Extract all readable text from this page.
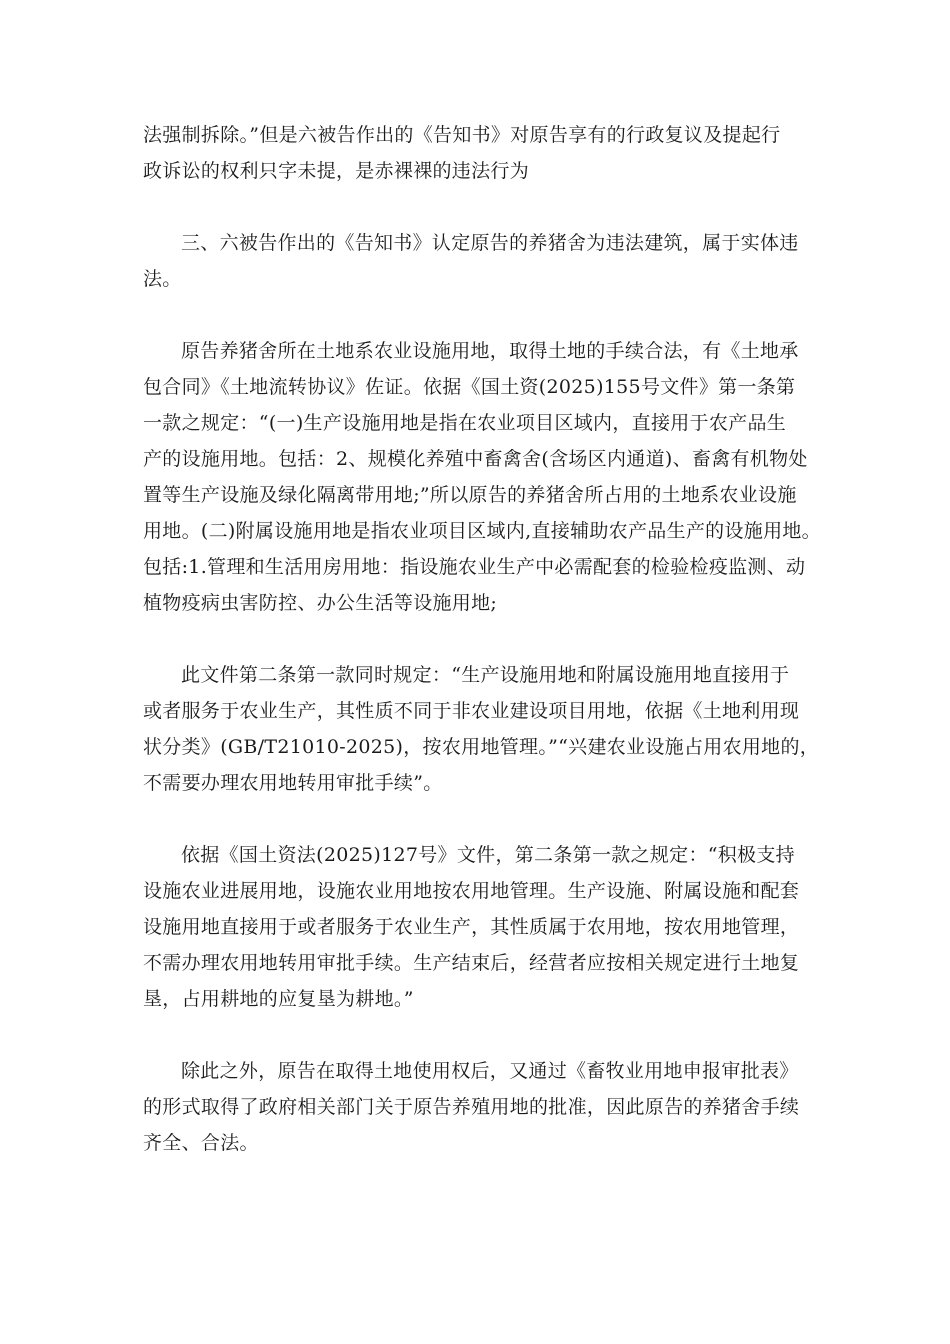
法强制拆除。”但是六被告作出的《告知书》对原告享有的行政复议及提起行
政诉讼的权利只字未提，是赤裸裸的违法行为
三、六被告作出的《告知书》认定原告的养猪舍为违法建筑，属于实体违
法。
原告养猪舍所在土地系农业设施用地，取得土地的手续合法，有《土地承
包合同》《土地流转协议》佐证。依据《国土资(2025)155号文件》第一条第
一款之规定：“(一)生产设施用地是指在农业项目区域内，直接用于农产品生
产的设施用地。包括：2、规模化养殖中畜禽舍(含场区内通道)、畜禽有机物处
置等生产设施及绿化隔离带用地;”所以原告的养猪舍所占用的土地系农业设施
用地。(二)附属设施用地是指农业项目区域内,直接辅助农产品生产的设施用地。
包括:1.管理和生活用房用地：指设施农业生产中必需配套的检验检疫监测、动
植物疫病虫害防控、办公生活等设施用地;
此文件第二条第一款同时规定：“生产设施用地和附属设施用地直接用于
或者服务于农业生产，其性质不同于非农业建设项目用地，依据《土地利用现
状分类》(GB/T21010-2025)，按农用地管理。”“兴建农业设施占用农用地的，
不需要办理农用地转用审批手续”。
依据《国土资法(2025)127号》文件，第二条第一款之规定：“积极支持
设施农业进展用地，设施农业用地按农用地管理。生产设施、附属设施和配套
设施用地直接用于或者服务于农业生产，其性质属于农用地，按农用地管理，
不需办理农用地转用审批手续。生产结束后，经营者应按相关规定进行土地复
垦，占用耕地的应复垦为耕地。”
除此之外，原告在取得土地使用权后，又通过《畜牧业用地申报审批表》
的形式取得了政府相关部门关于原告养殖用地的批准，因此原告的养猪舍手续
齐全、合法。
